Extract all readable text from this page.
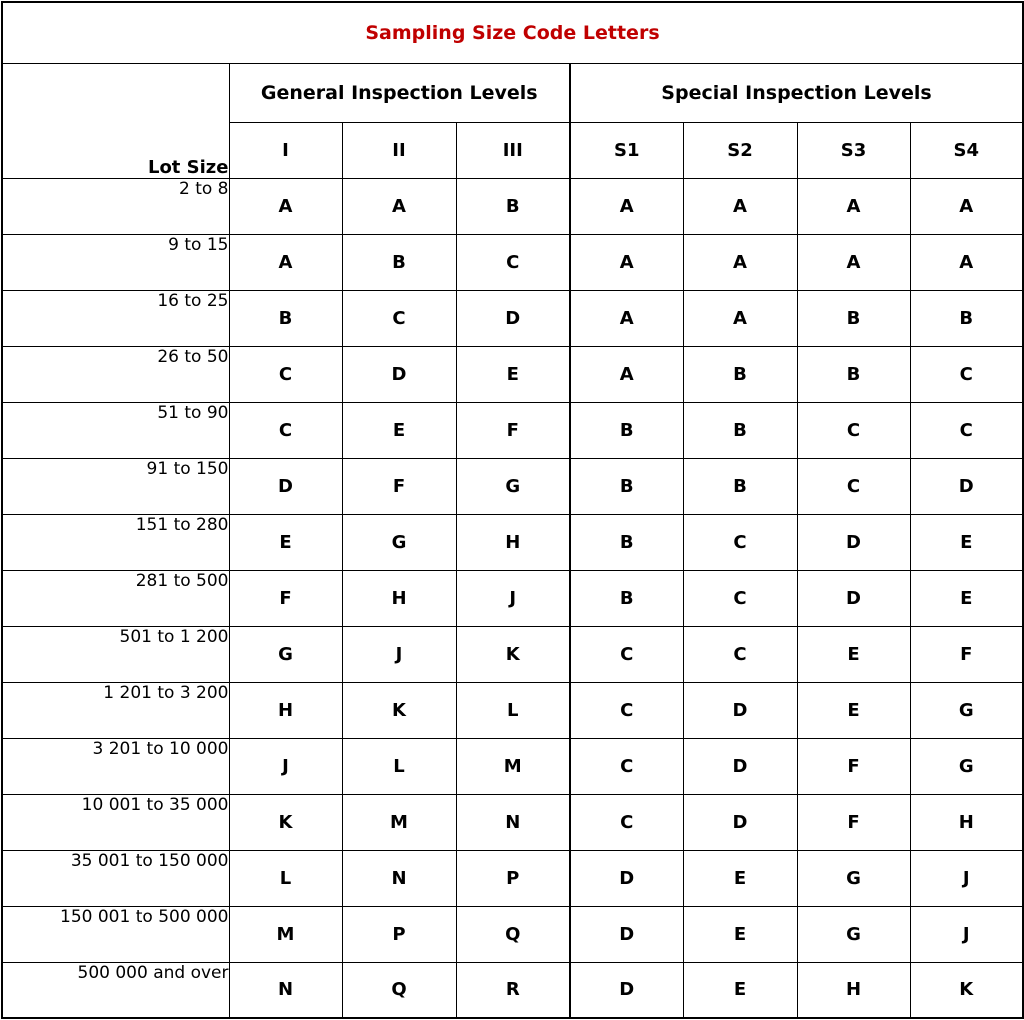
Sampling Size Code Letters							
Lot Size	General Inspection Levels			Special Inspection Levels			
	I	II	III	S1	S2	S3	S4
2 to 8	A	A	B	A	A	A	A
9 to 15	A	B	C	A	A	A	A
16 to 25	B	C	D	A	A	B	B
26 to 50	C	D	E	A	B	B	C
51 to 90	C	E	F	B	B	C	C
91 to 150	D	F	G	B	B	C	D
151 to 280	E	G	H	B	C	D	E
281 to 500	F	H	J	B	C	D	E
501 to 1 200	G	J	K	C	C	E	F
1 201 to 3 200	H	K	L	C	D	E	G
3 201 to 10 000	J	L	M	C	D	F	G
10 001 to 35 000	K	M	N	C	D	F	H
35 001 to 150 000	L	N	P	D	E	G	J
150 001 to 500 000	M	P	Q	D	E	G	J
500 000 and over	N	Q	R	D	E	H	K
